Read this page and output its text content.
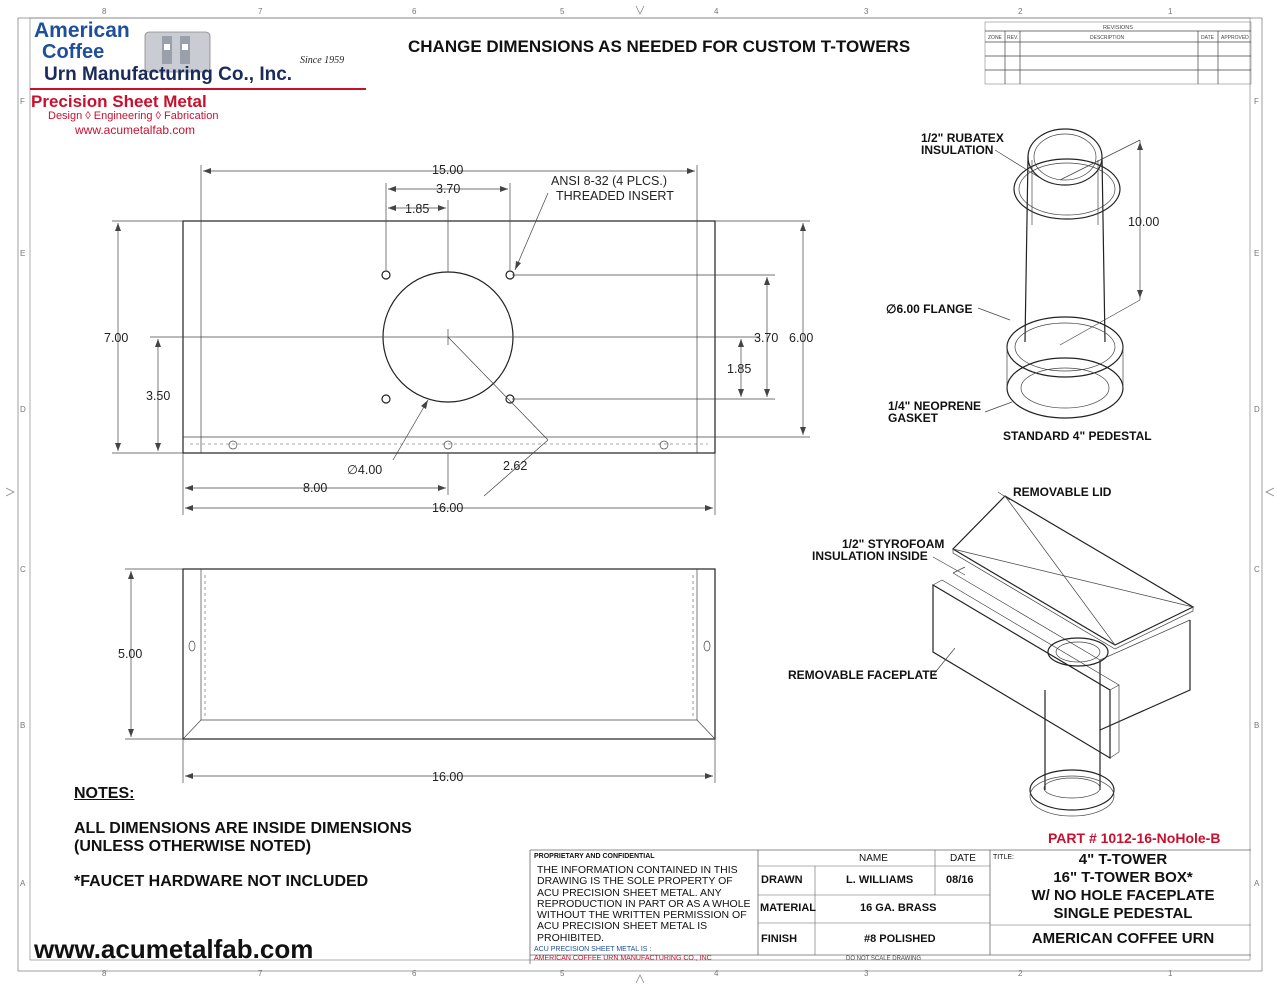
8	7	6	5	4	3	2	1
8	7	6	5	4	3	2	1
F
E
D
C
B
A
F
E
D
C
B
A
REVISIONS
ZONE REV.	DESCRIPTION	DATE APPROVED
15.00
3.70
1.85
7.00
3.50
3.70 6.00
1.85
∅4.00	2.62
8.00
16.00
ANSI 8-32 (4 PLCS.)
THREADED INSERT
5.00
16.00
1/2" RUBATEX
INSULATION
10.00
∅6.00 FLANGE
1/4" NEOPRENE
GASKET
STANDARD 4" PEDESTAL
REMOVABLE LID
1/2" STYROFOAM
INSULATION INSIDE
REMOVABLE FACEPLATE
American
Coffee
Urn Manufacturing Co., Inc.
Since 1959
Precision Sheet Metal
Design ◊ Engineering ◊ Fabrication
www.acumetalfab.com
CHANGE DIMENSIONS AS NEEDED FOR CUSTOM T-TOWERS
NOTES:
ALL DIMENSIONS ARE INSIDE DIMENSIONS
(UNLESS OTHERWISE NOTED)
*FAUCET HARDWARE NOT INCLUDED
www.acumetalfab.com
PART # 1012-16-NoHole-B
PROPRIETARY AND CONFIDENTIAL
THE INFORMATION CONTAINED IN THIS
DRAWING IS THE SOLE PROPERTY OF
ACU PRECISION SHEET METAL. ANY
REPRODUCTION IN PART OR AS A WHOLE
WITHOUT THE WRITTEN PERMISSION OF
ACU PRECISION SHEET METAL IS
PROHIBITED.
ACU PRECISION SHEET METAL IS :
AMERICAN COFFEE URN MANUFACTURING CO., INC
NAME	DATE
DRAWN	L. WILLIAMS	08/16
MATERIAL	16 GA. BRASS
FINISH	#8 POLISHED
TITLE:	4" T-TOWER
16" T-TOWER BOX*
W/ NO HOLE FACEPLATE
SINGLE PEDESTAL
AMERICAN COFFEE URN
DO NOT SCALE DRAWING
